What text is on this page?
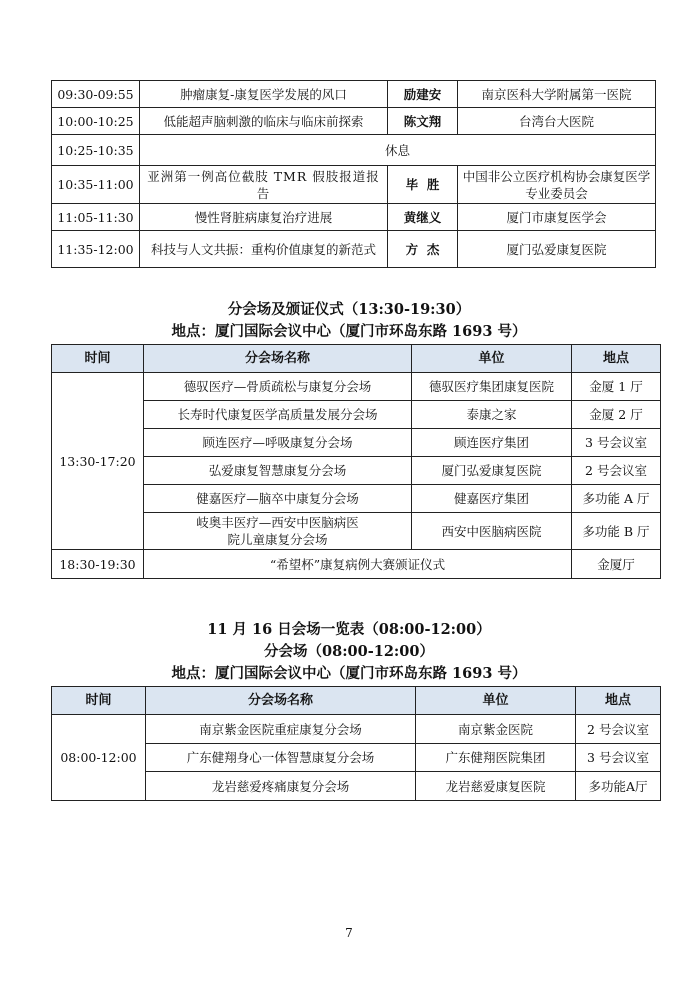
09:30-09:55	肿瘤康复-康复医学发展的风口	励建安	南京医科大学附属第一医院
10:00-10:25	低能超声脑刺激的临床与临床前探索	陈文翔	台湾台大医院
10:25-10:35	休息		
10:35-11:00	亚洲第一例高位截肢 TMR 假肢报道报告	毕  胜	中国非公立医疗机构协会康复医学专业委员会
11:05-11:30	慢性肾脏病康复治疗进展	黄继义	厦门市康复医学会
11:35-12:00	科技与人文共振：重构价值康复的新范式	方  杰	厦门弘爱康复医院
分会场及颁证仪式（13:30-19:30）
地点：厦门国际会议中心（厦门市环岛东路 1693 号）
时间	分会场名称	单位	地点
13:30-17:20	德驭医疗—骨质疏松与康复分会场	德驭医疗集团康复医院	金厦 1 厅
	长寿时代康复医学高质量发展分会场	泰康之家	金厦 2 厅
	顾连医疗—呼吸康复分会场	顾连医疗集团	3 号会议室
	弘爱康复智慧康复分会场	厦门弘爱康复医院	2 号会议室
	健嘉医疗—脑卒中康复分会场	健嘉医疗集团	多功能 A 厅
	岐奥丰医疗—西安中医脑病医院儿童康复分会场	西安中医脑病医院	多功能 B 厅
18:30-19:30	“希望杯”康复病例大赛颁证仪式		金厦厅
11 月 16 日会场一览表（08:00-12:00）
分会场（08:00-12:00）
地点：厦门国际会议中心（厦门市环岛东路 1693 号）
时间	分会场名称	单位	地点
08:00-12:00	南京紫金医院重症康复分会场	南京紫金医院	2 号会议室
	广东健翔身心一体智慧康复分会场	广东健翔医院集团	3 号会议室
	龙岩慈爱疼痛康复分会场	龙岩慈爱康复医院	多功能A厅
7
